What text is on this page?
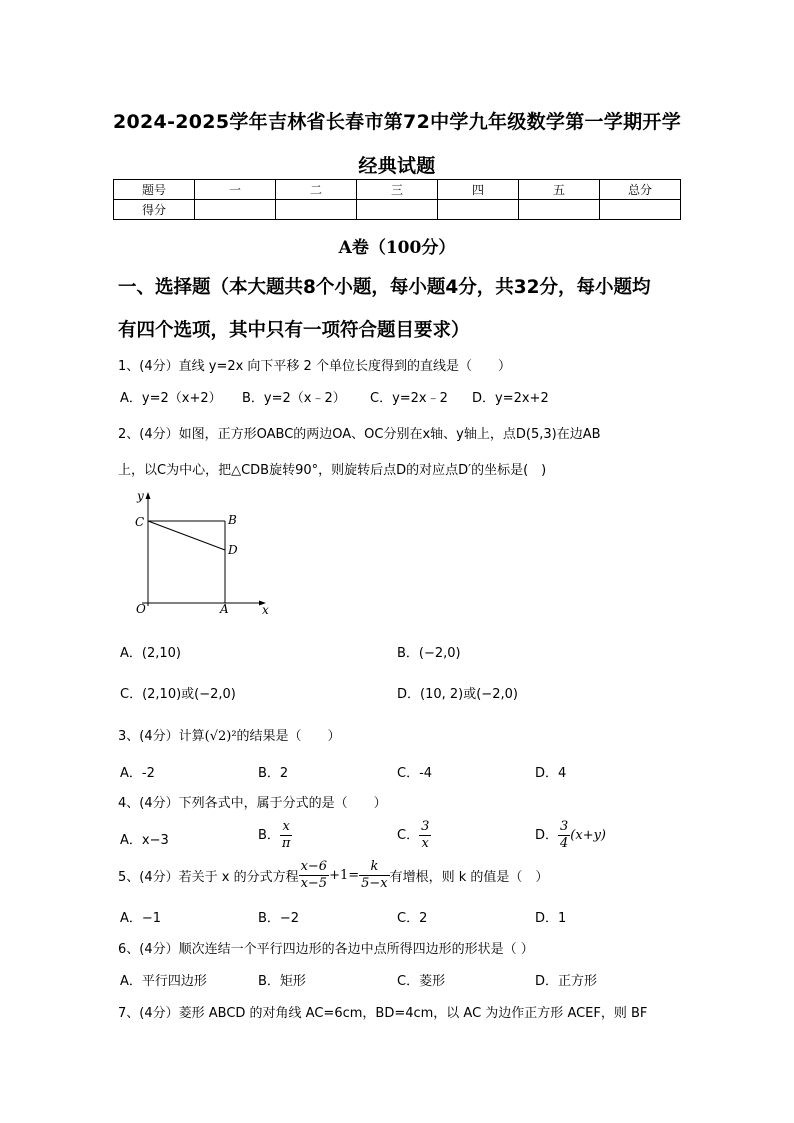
2024-2025学年吉林省长春市第72中学九年级数学第一学期开学
经典试题
题号	一	二	三	四	五	总分
得分						
A卷（100分）
一、选择题（本大题共8个小题，每小题4分，共32分，每小题均
有四个选项，其中只有一项符合题目要求）
1、(4分）直线 y=2x 向下平移 2 个单位长度得到的直线是（　　）
A．y=2（x+2） B．y=2（x﹣2） C．y=2x﹣2 D．y=2x+2
2、(4分）如图，正方形OABC的两边OA、OC分别在x轴、y轴上，点D(5,3)在边AB
上，以C为中心，把△CDB旋转90°，则旋转后点D的对应点D′的坐标是(　)
y
x
C	B
D
O	A
A．(2,10)	B．(−2,0)
C．(2,10)或(−2,0)	D．(10, 2)或(−2,0)
3、(4分）计算(√2)²的结果是（　　）
A．-2	B．2	C．-4	D．4
4、(4分）下列各式中，属于分式的是（　　）
A．x−3	B． $\frac{x}{\pi}$	C． $\frac{3}{x}$	D． $\frac{3}{4} (x+y)$
5、(4分）若关于 x 的分式方程 $\frac{x-6}{x-5} +1= \frac{k}{5-x}$ 有增根，则 k 的值是（　）
A．−1	B．−2	C．2	D．1
6、(4分）顺次连结一个平行四边形的各边中点所得四边形的形状是（ ）
A．平行四边形	B．矩形	C．菱形	D．正方形
7、(4分）菱形 ABCD 的对角线 AC=6cm，BD=4cm，以 AC 为边作正方形 ACEF，则 BF
